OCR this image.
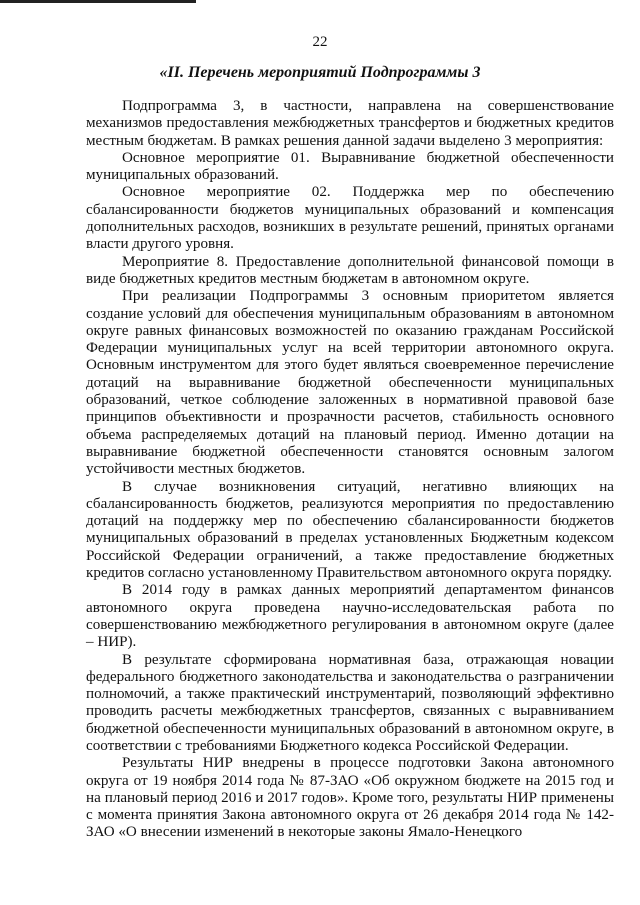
22
«II. Перечень мероприятий Подпрограммы 3

Подпрограмма 3, в частности, направлена на совершенствование механизмов предоставления межбюджетных трансфертов и бюджетных кредитов местным бюджетам. В рамках решения данной задачи выделено 3 мероприятия:

Основное мероприятие 01. Выравнивание бюджетной обеспеченности муниципальных образований.

Основное мероприятие 02. Поддержка мер по обеспечению сбалансированности бюджетов муниципальных образований и компенсация дополнительных расходов, возникших в результате решений, принятых органами власти другого уровня.

Мероприятие 8. Предоставление дополнительной финансовой помощи в виде бюджетных кредитов местным бюджетам в автономном округе.

При реализации Подпрограммы 3 основным приоритетом является создание условий для обеспечения муниципальным образованиям в автономном округе равных финансовых возможностей по оказанию гражданам Российской Федерации муниципальных услуг на всей территории автономного округа. Основным инструментом для этого будет являться своевременное перечисление дотаций на выравнивание бюджетной обеспеченности муниципальных образований, четкое соблюдение заложенных в нормативной правовой базе принципов объективности и прозрачности расчетов, стабильность основного объема распределяемых дотаций на плановый период. Именно дотации на выравнивание бюджетной обеспеченности становятся основным залогом устойчивости местных бюджетов.

В случае возникновения ситуаций, негативно влияющих на сбалансированность бюджетов, реализуются мероприятия по предоставлению дотаций на поддержку мер по обеспечению сбалансированности бюджетов муниципальных образований в пределах установленных Бюджетным кодексом Российской Федерации ограничений, а также предоставление бюджетных кредитов согласно установленному Правительством автономного округа порядку.

В 2014 году в рамках данных мероприятий департаментом финансов автономного округа проведена научно-исследовательская работа по совершенствованию межбюджетного регулирования в автономном округе (далее – НИР).

В результате сформирована нормативная база, отражающая новации федерального бюджетного законодательства и законодательства о разграничении полномочий, а также практический инструментарий, позволяющий эффективно проводить расчеты межбюджетных трансфертов, связанных с выравниванием бюджетной обеспеченности муниципальных образований в автономном округе, в соответствии с требованиями Бюджетного кодекса Российской Федерации.

Результаты НИР внедрены в процессе подготовки Закона автономного округа от 19 ноября 2014 года № 87-ЗАО «Об окружном бюджете на 2015 год и на плановый период 2016 и 2017 годов». Кроме того, результаты НИР применены с момента принятия Закона автономного округа от 26 декабря 2014 года № 142-ЗАО «О внесении изменений в некоторые законы Ямало-Ненецкого
